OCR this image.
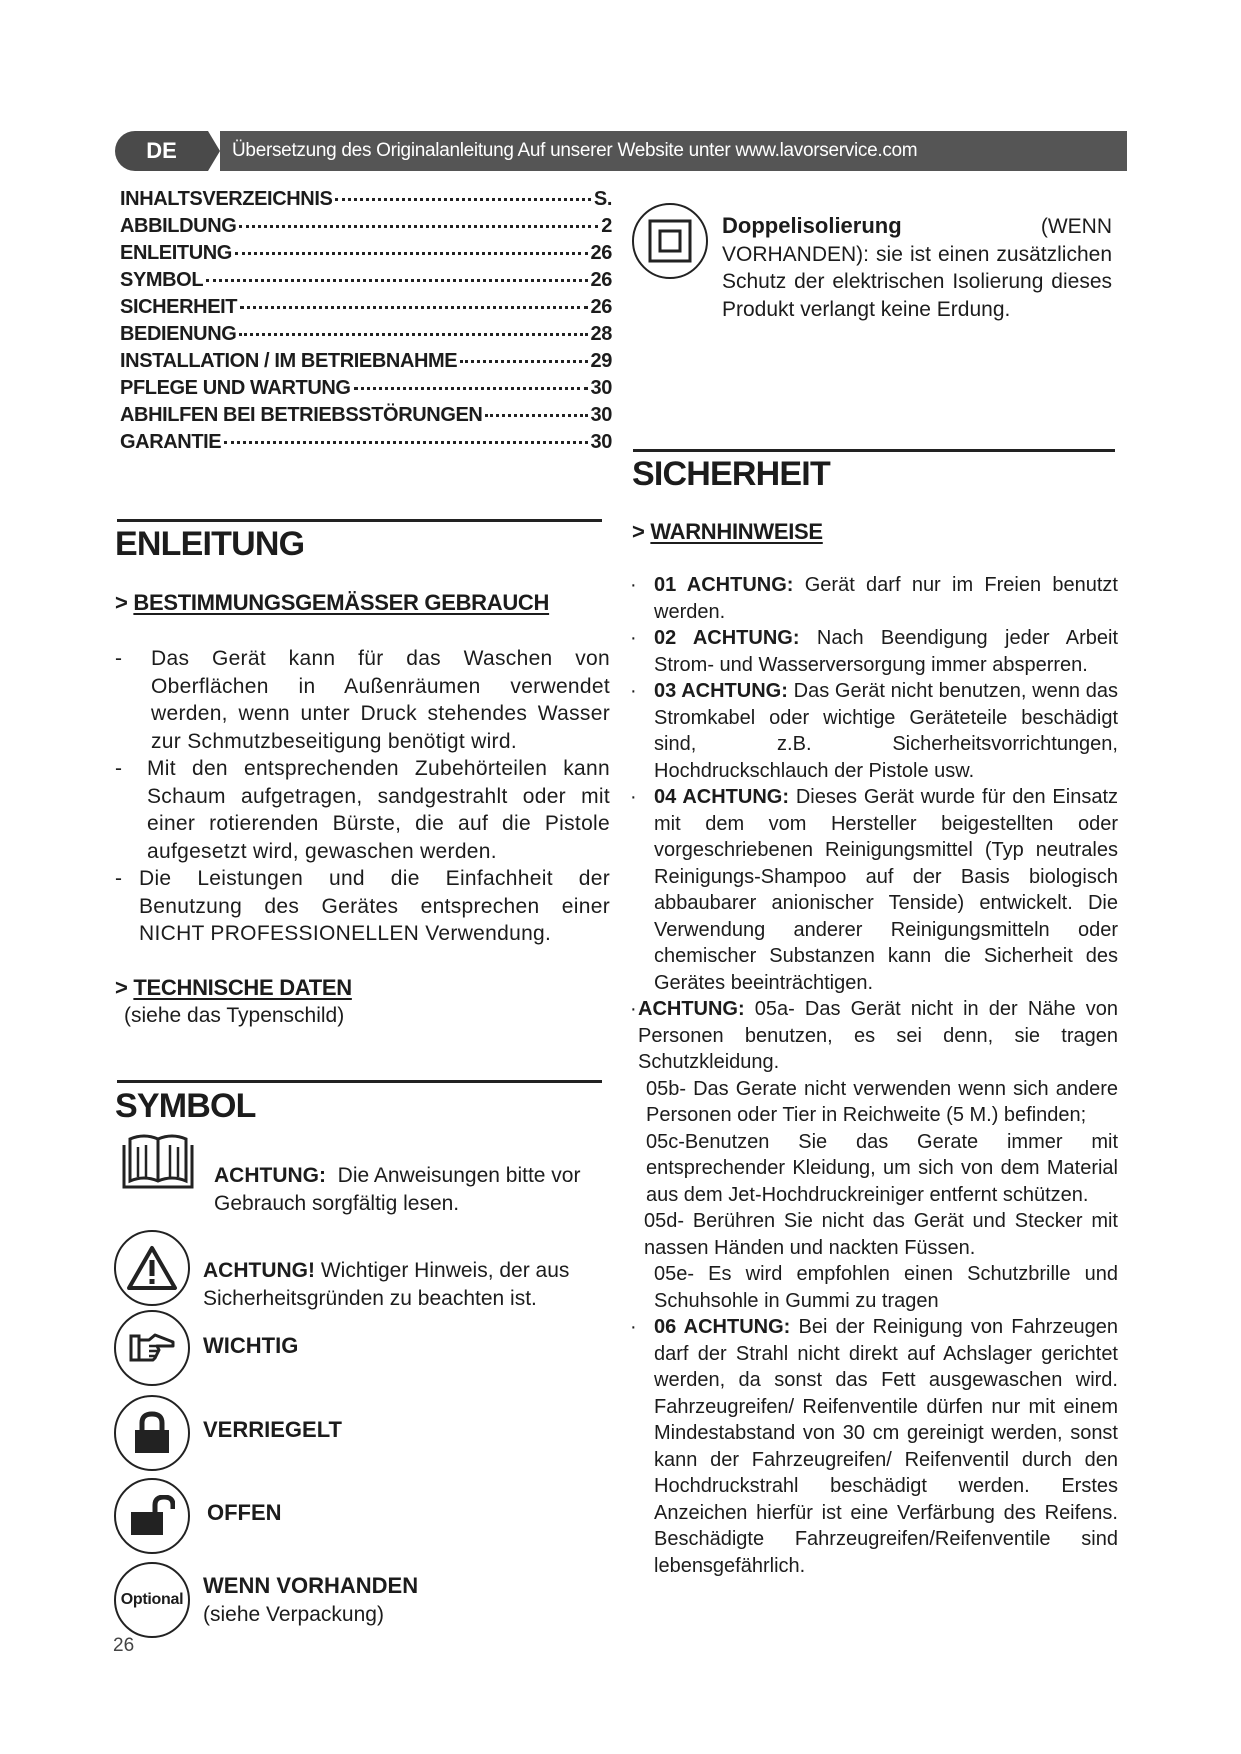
DE	Übersetzung des Originalanleitung Auf unserer Website unter www.lavorservice.com
INHALTSVERZEICHNIS	S.
ABBILDUNG	2
ENLEITUNG	26
SYMBOL	26
SICHERHEIT	26
BEDIENUNG	28
INSTALLATION / IM BETRIEBNAHME	29
PFLEGE UND WARTUNG	30
ABHILFEN BEI BETRIEBSSTÖRUNGEN	30
GARANTIE	30
ENLEITUNG
> BESTIMMUNGSGEMÄSSER GEBRAUCH
-	Das Gerät kann für das Waschen von Oberflächen in Außenräumen verwendet werden, wenn unter Druck stehendes Wasser zur Schmutzbeseitigung benötigt wird.
-	Mit den entsprechenden Zubehörteilen kann Schaum aufgetragen, sandgestrahlt oder mit einer rotierenden Bürste, die auf die Pistole aufgesetzt wird, gewaschen werden.
- Die Leistungen und die Einfachheit der Benutzung des Gerätes entsprechen einer NICHT PROFESSIONELLEN Verwendung.
> TECHNISCHE DATEN
(siehe das Typenschild)
SYMBOL
ACHTUNG: Die Anweisungen bitte vor Gebrauch sorgfältig lesen.
ACHTUNG! Wichtiger Hinweis, der aus Sicherheitsgründen zu beachten ist.
WICHTIG
VERRIEGELT
OFFEN
Optional
WENN VORHANDEN
(siehe Verpackung)
26
Doppelisolierung	(WENN VORHANDEN): sie ist einen zusätzlichen Schutz der elektrischen Isolierung dieses Produkt verlangt keine Erdung.
SICHERHEIT
> WARNHINWEISE
· 01 ACHTUNG: Gerät darf nur im Freien benutzt werden.
· 02 ACHTUNG: Nach Beendigung jeder Arbeit Strom- und Wasserversorgung immer absperren.
· 03 ACHTUNG: Das Gerät nicht benutzen, wenn das Stromkabel oder wichtige Geräteteile beschädigt sind, z.B. Sicherheitsvorrichtungen, Hochdruckschlauch der Pistole usw.
· 04 ACHTUNG: Dieses Gerät wurde für den Einsatz mit dem vom Hersteller beigestellten oder vorgeschriebenen Reinigungsmittel (Typ neutrales Reinigungs-Shampoo auf der Basis biologisch abbaubarer anionischer Tenside) entwickelt. Die Verwendung anderer Reinigungsmitteln oder chemischer Substanzen kann die Sicherheit des Gerätes beeinträchtigen.
· ACHTUNG: 05a- Das Gerät nicht in der Nähe von Personen benutzen, es sei denn, sie tragen Schutzkleidung.
05b- Das Gerate nicht verwenden wenn sich andere Personen oder Tier in Reichweite (5 M.) befinden;
05c-Benutzen Sie das Gerate immer mit entsprechender Kleidung, um sich von dem Material aus dem Jet-Hochdruckreiniger entfernt schützen.
05d- Berühren Sie nicht das Gerät und Stecker mit nassen Händen und nackten Füssen.
05e- Es wird empfohlen einen Schutzbrille und Schuhsohle in Gummi zu tragen
· 06 ACHTUNG: Bei der Reinigung von Fahrzeugen darf der Strahl nicht direkt auf Achslager gerichtet werden, da sonst das Fett ausgewaschen wird. Fahrzeugreifen/ Reifenventile dürfen nur mit einem Mindestabstand von 30 cm gereinigt werden, sonst kann der Fahrzeugreifen/ Reifenventil durch den Hochdruckstrahl beschädigt werden. Erstes Anzeichen hierfür ist eine Verfärbung des Reifens. Beschädigte Fahrzeugreifen/Reifenventile sind lebensgefährlich.
